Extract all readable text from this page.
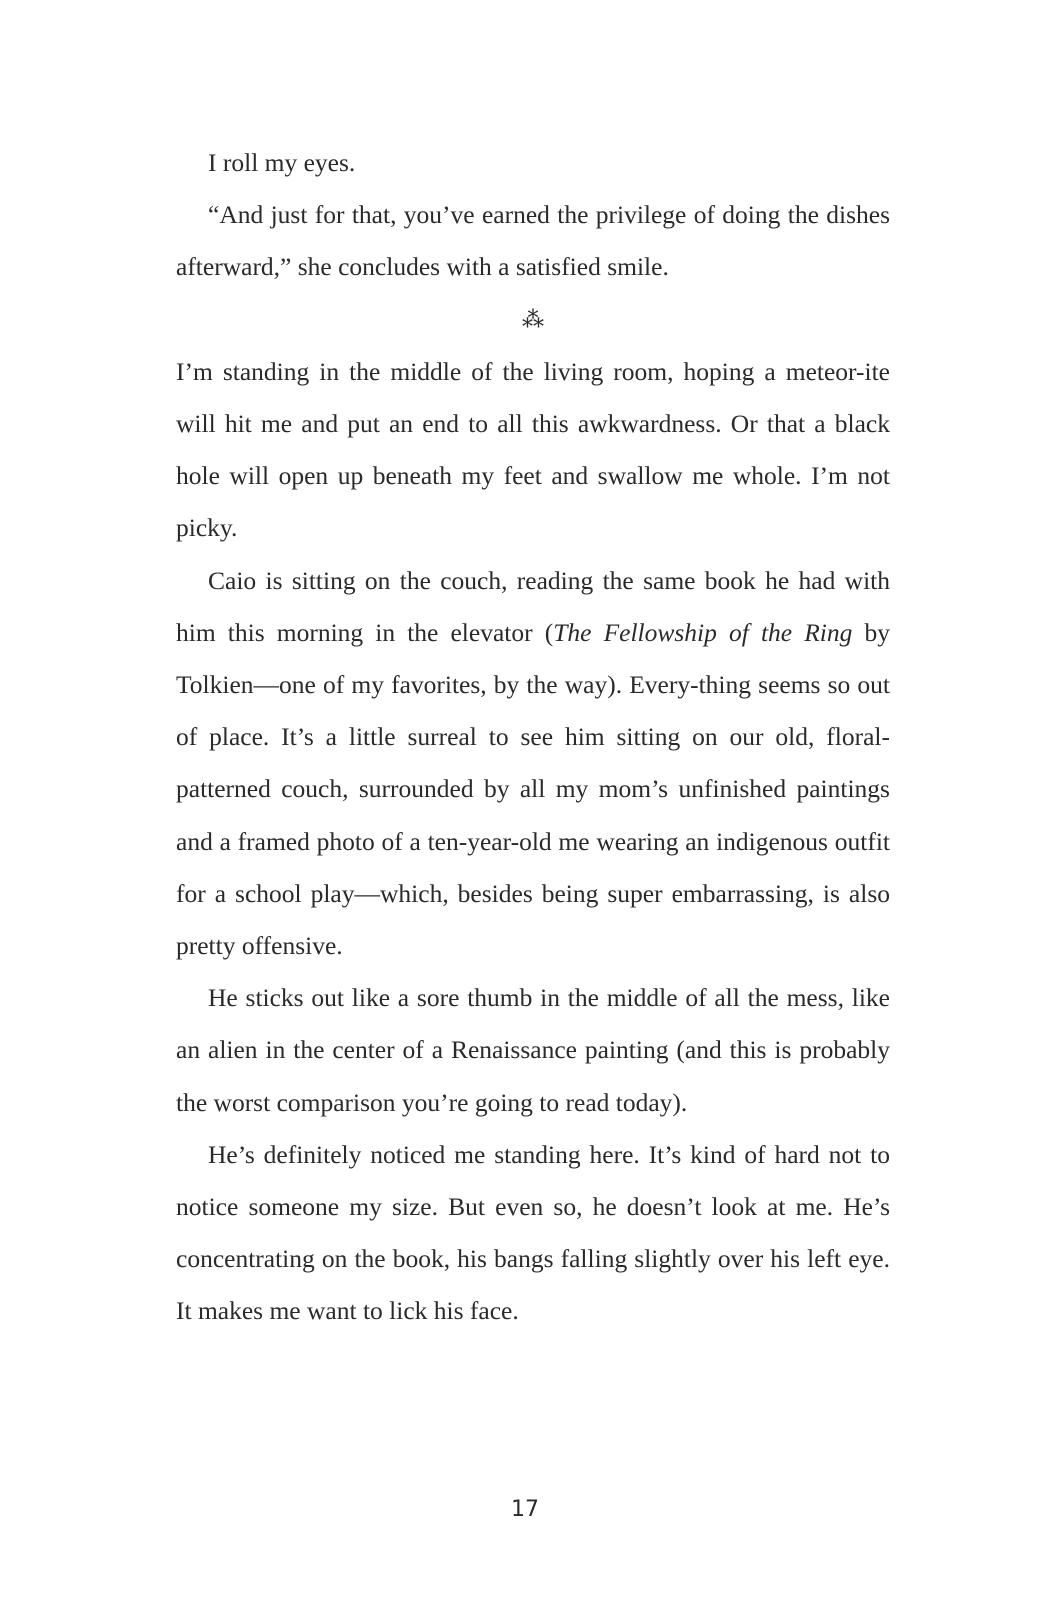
I roll my eyes.

“And just for that, you’ve earned the privilege of doing the dishes afterward,” she concludes with a satisfied smile.

⁂

I’m standing in the middle of the living room, hoping a meteor-ite will hit me and put an end to all this awkwardness. Or that a black hole will open up beneath my feet and swallow me whole. I’m not picky.

Caio is sitting on the couch, reading the same book he had with him this morning in the elevator (The Fellowship of the Ring by Tolkien—one of my favorites, by the way). Every-thing seems so out of place. It’s a little surreal to see him sitting on our old, floral-patterned couch, surrounded by all my mom’s unfinished paintings and a framed photo of a ten-year-old me wearing an indigenous outfit for a school play—which, besides being super embarrassing, is also pretty offensive.

He sticks out like a sore thumb in the middle of all the mess, like an alien in the center of a Renaissance painting (and this is probably the worst comparison you’re going to read today).

He’s definitely noticed me standing here. It’s kind of hard not to notice someone my size. But even so, he doesn’t look at me. He’s concentrating on the book, his bangs falling slightly over his left eye. It makes me want to lick his face.

17
